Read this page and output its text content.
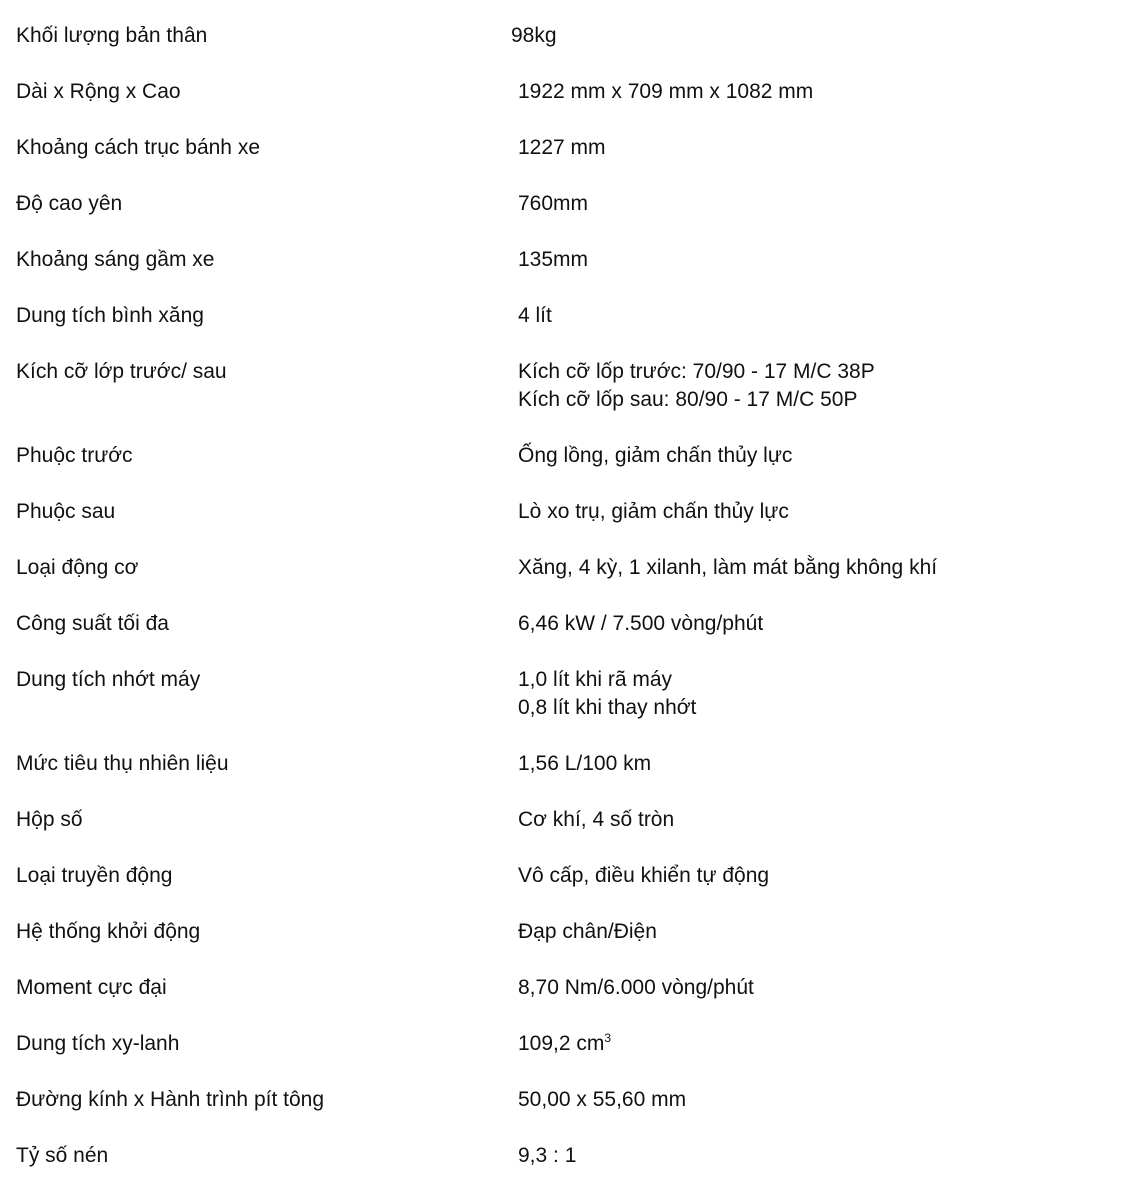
Khối lượng bản thân	98kg
Dài x Rộng x Cao	1922 mm x 709 mm x 1082 mm
Khoảng cách trục bánh xe	1227 mm
Độ cao yên	760mm
Khoảng sáng gầm xe	135mm
Dung tích bình xăng	4 lít
Kích cỡ lớp trước/ sau	Kích cỡ lốp trước: 70/90 - 17 M/C 38P
Kích cỡ lốp sau: 80/90 - 17 M/C 50P
Phuộc trước	Ống lồng, giảm chấn thủy lực
Phuộc sau	Lò xo trụ, giảm chấn thủy lực
Loại động cơ	Xăng, 4 kỳ, 1 xilanh, làm mát bằng không khí
Công suất tối đa	6,46 kW / 7.500 vòng/phút
Dung tích nhớt máy	1,0 lít khi rã máy
0,8 lít khi thay nhớt
Mức tiêu thụ nhiên liệu	1,56 L/100 km
Hộp số	Cơ khí, 4 số tròn
Loại truyền động	Vô cấp, điều khiển tự động
Hệ thống khởi động	Đạp chân/Điện
Moment cực đại	8,70 Nm/6.000 vòng/phút
Dung tích xy-lanh	109,2 $cm^3$
Đường kính x Hành trình pít tông	50,00 x 55,60 mm
Tỷ số nén	9,3 : 1
